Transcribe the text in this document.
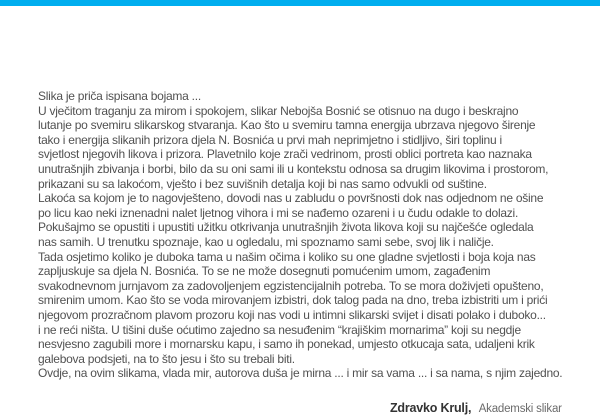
Slika je priča ispisana bojama ...
U vječitom traganju za mirom i spokojem, slikar Nebojša Bosnić se otisnuo na dugo i beskrajno
lutanje po svemiru slikarskog stvaranja. Kao što u svemiru tamna energija ubrzava njegovo širenje
tako i energija slikanih prizora djela N. Bosnića u prvi mah neprimjetno i stidljivo, širi toplinu i
svjetlost njegovih likova i prizora. Plavetnilo koje zrači vedrinom, prosti oblici portreta kao naznaka
unutrašnjih zbivanja i borbi, bilo da su oni sami ili u kontekstu odnosa sa drugim likovima i prostorom,
prikazani su sa lakoćom, vješto i bez suvišnih detalja koji bi nas samo odvukli od suštine.
Lakoća sa kojom je to nagovješteno, dovodi nas u zabludu o površnosti dok nas odjednom ne ošine
po licu kao neki iznenadni nalet ljetnog vihora i mi se nađemo ozareni i u čudu odakle to dolazi.
Pokušajmo se opustiti i upustiti užitku otkrivanja unutrašnjih života likova koji su najčešće ogledala
nas samih. U trenutku spoznaje, kao u ogledalu, mi spoznamo sami sebe, svoj lik i naličje.
Tada osjetimo koliko je duboka tama u našim očima i koliko su one gladne svjetlosti i boja koja nas
zapljuskuje sa djela N. Bosnića. To se ne može dosegnuti pomućenim umom, zagađenim
svakodnevnom jurnjavom za zadovoljenjem egzistencijalnih potreba. To se mora doživjeti opušteno,
smirenim umom. Kao što se voda mirovanjem izbistri, dok talog pada na dno, treba izbistriti um i prići
njegovom prozračnom plavom prozoru koji nas vodi u intimni slikarski svijet i disati polako i duboko...
i ne reći ništa. U tišini duše oćutimo zajedno sa nesuđenim “krajiškim mornarima” koji su negdje
nesvjesno zagubili more i mornarsku kapu, i samo ih ponekad, umjesto otkucaja sata, udaljeni krik
galebova podsjeti, na to što jesu i što su trebali biti.
Ovdje, na ovim slikama, vlada mir, autorova duša je mirna ... i mir sa vama ... i sa nama, s njim zajedno.
Zdravko Krulj, Akademski slikar
